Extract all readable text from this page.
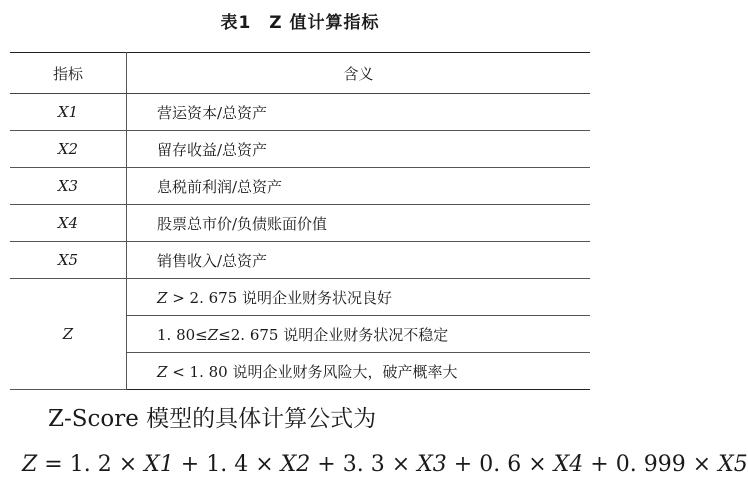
表1 Z 值计算指标
指标	含义
X1	营运资本/总资产
X2	留存收益/总资产
X3	息税前利润/总资产
X4	股票总市价/负债账面价值
X5	销售收入/总资产
Z	Z > 2. 675 说明企业财务状况良好
	1. 80≤Z≤2. 675 说明企业财务状况不稳定
	Z < 1. 80 说明企业财务风险大，破产概率大
Z-Score 模型的具体计算公式为
Z = 1. 2 × X1 + 1. 4 × X2 + 3. 3 × X3 + 0. 6 × X4 + 0. 999 × X5
